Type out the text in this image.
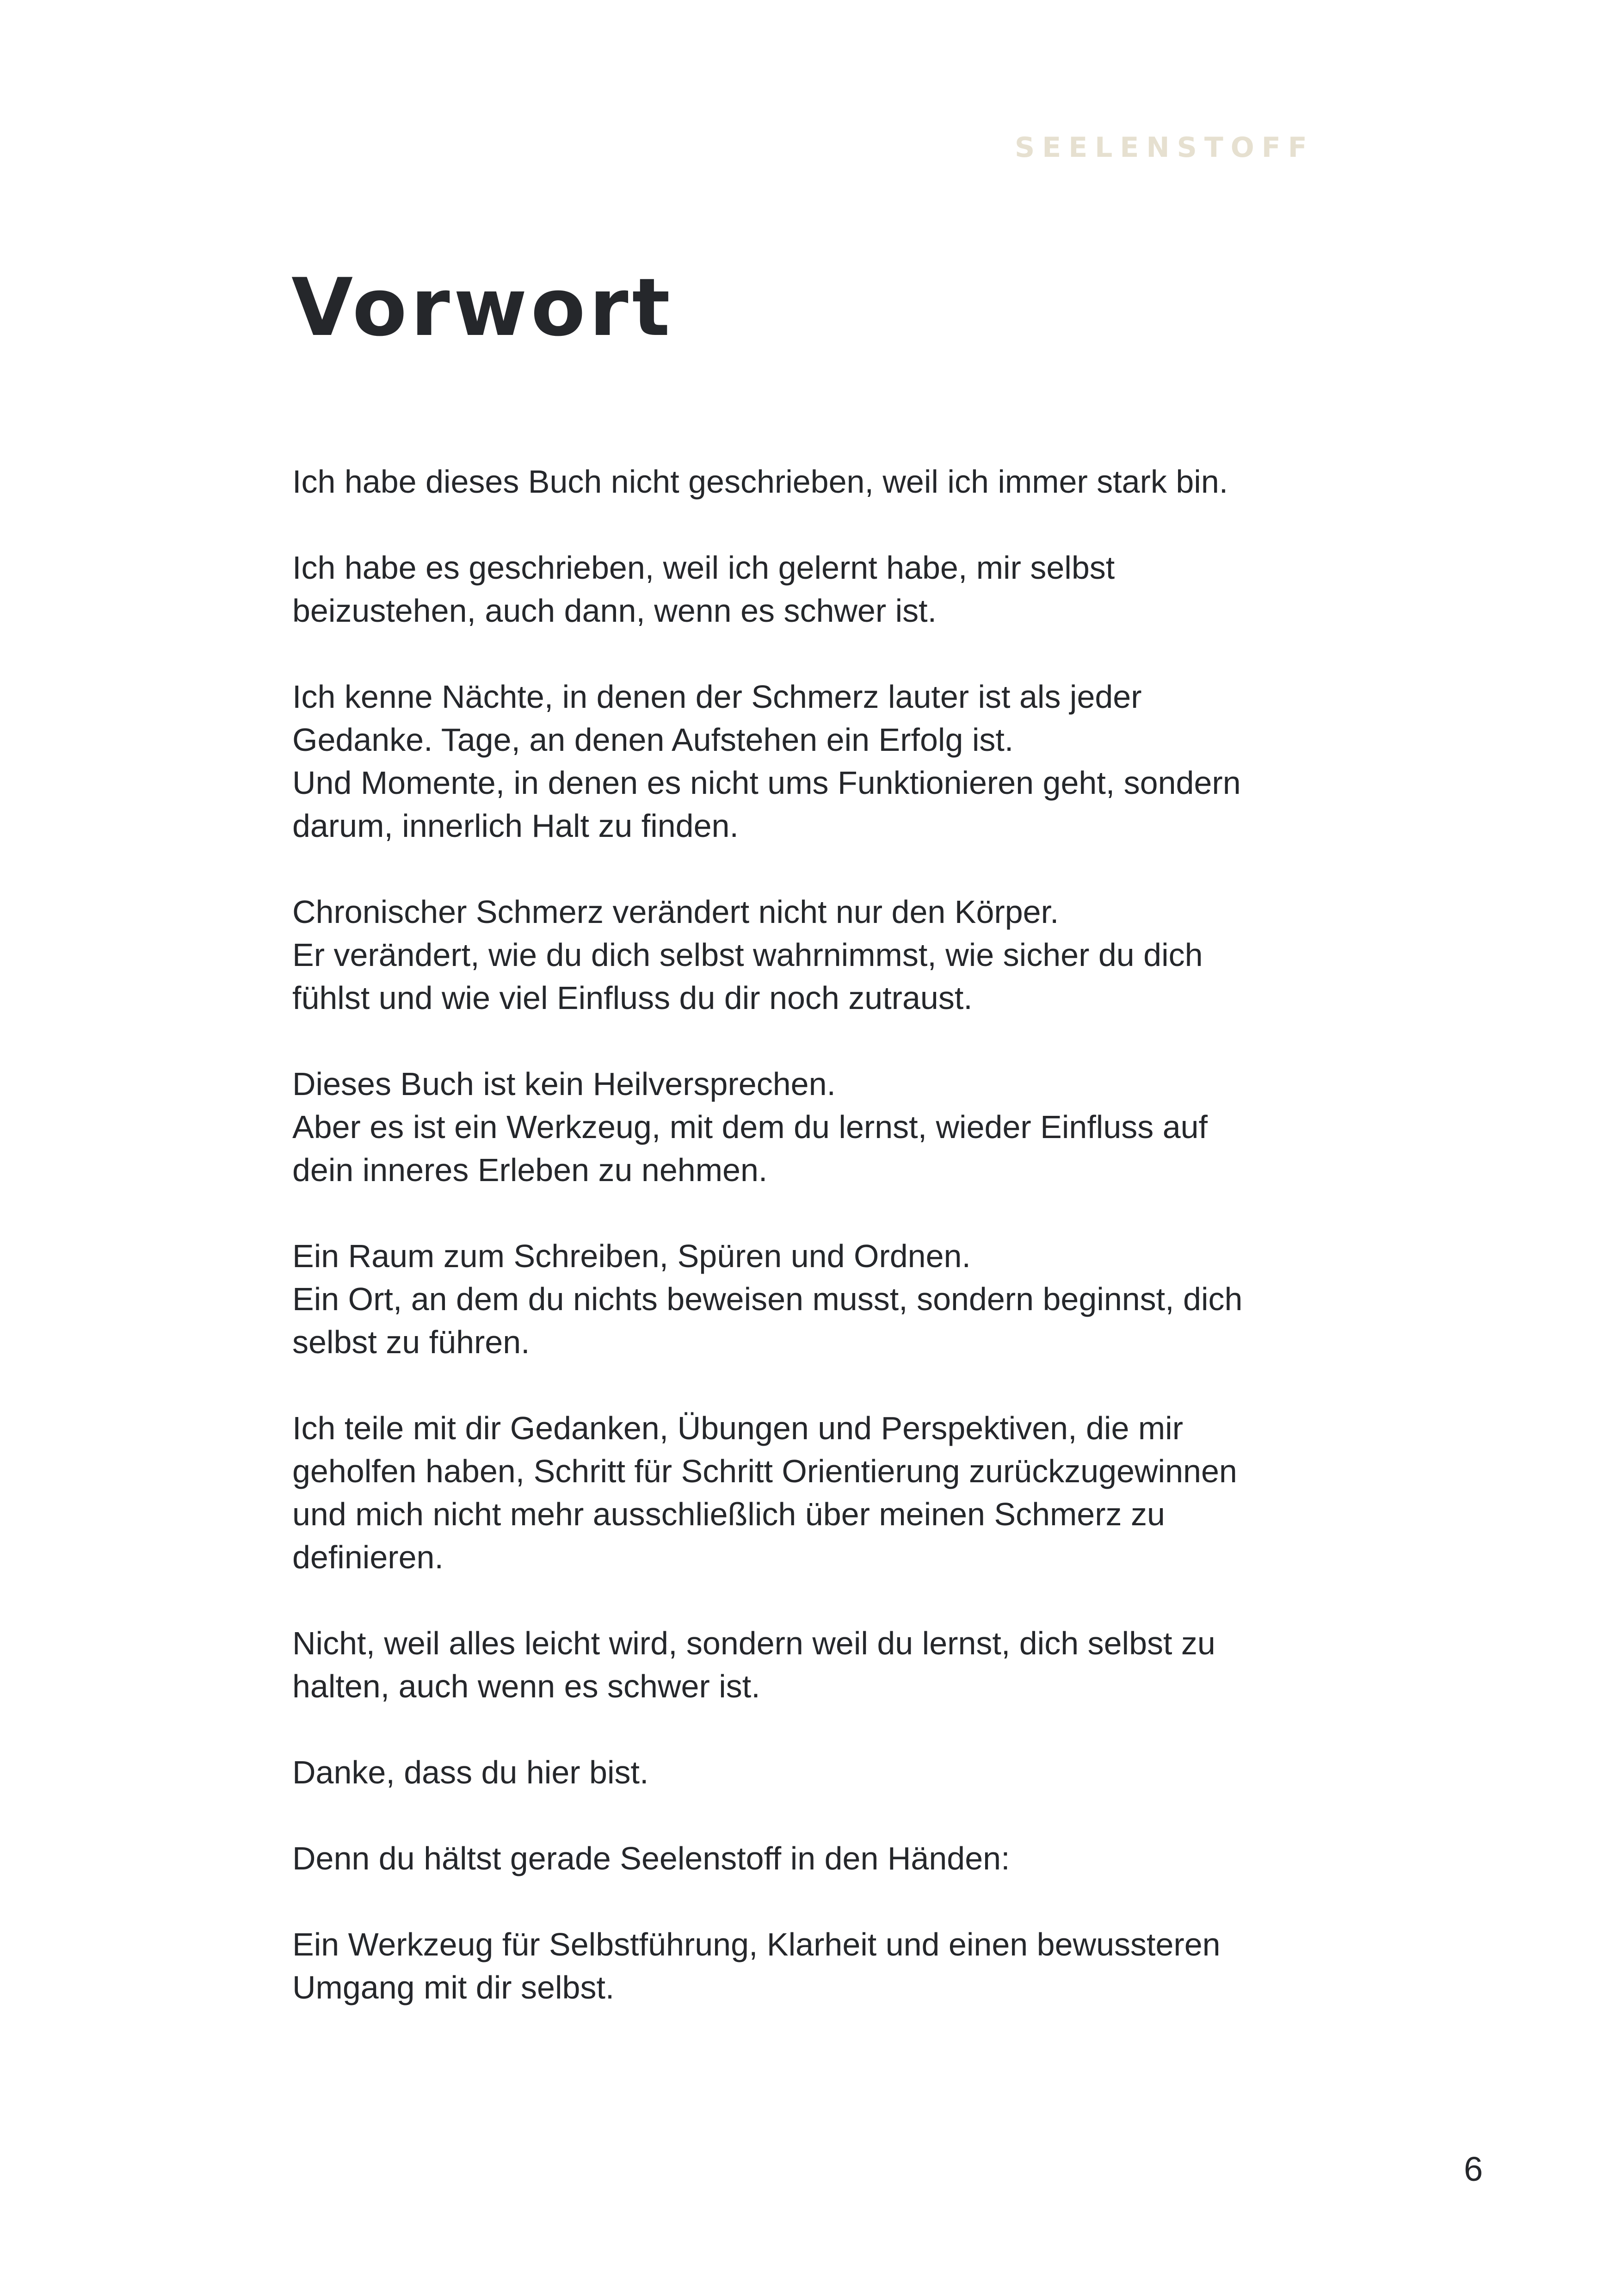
SEELENSTOFF
Vorwort

Ich habe dieses Buch nicht geschrieben, weil ich immer stark bin.

Ich habe es geschrieben, weil ich gelernt habe, mir selbst
beizustehen, auch dann, wenn es schwer ist.

Ich kenne Nächte, in denen der Schmerz lauter ist als jeder
Gedanke. Tage, an denen Aufstehen ein Erfolg ist.
Und Momente, in denen es nicht ums Funktionieren geht, sondern
darum, innerlich Halt zu finden.

Chronischer Schmerz verändert nicht nur den Körper.
Er verändert, wie du dich selbst wahrnimmst, wie sicher du dich
fühlst und wie viel Einfluss du dir noch zutraust.

Dieses Buch ist kein Heilversprechen.
Aber es ist ein Werkzeug, mit dem du lernst, wieder Einfluss auf
dein inneres Erleben zu nehmen.

Ein Raum zum Schreiben, Spüren und Ordnen.
Ein Ort, an dem du nichts beweisen musst, sondern beginnst, dich
selbst zu führen.

Ich teile mit dir Gedanken, Übungen und Perspektiven, die mir
geholfen haben, Schritt für Schritt Orientierung zurückzugewinnen
und mich nicht mehr ausschließlich über meinen Schmerz zu
definieren.

Nicht, weil alles leicht wird, sondern weil du lernst, dich selbst zu
halten, auch wenn es schwer ist.

Danke, dass du hier bist.

Denn du hältst gerade Seelenstoff in den Händen:

Ein Werkzeug für Selbstführung, Klarheit und einen bewussteren
Umgang mit dir selbst.

6
